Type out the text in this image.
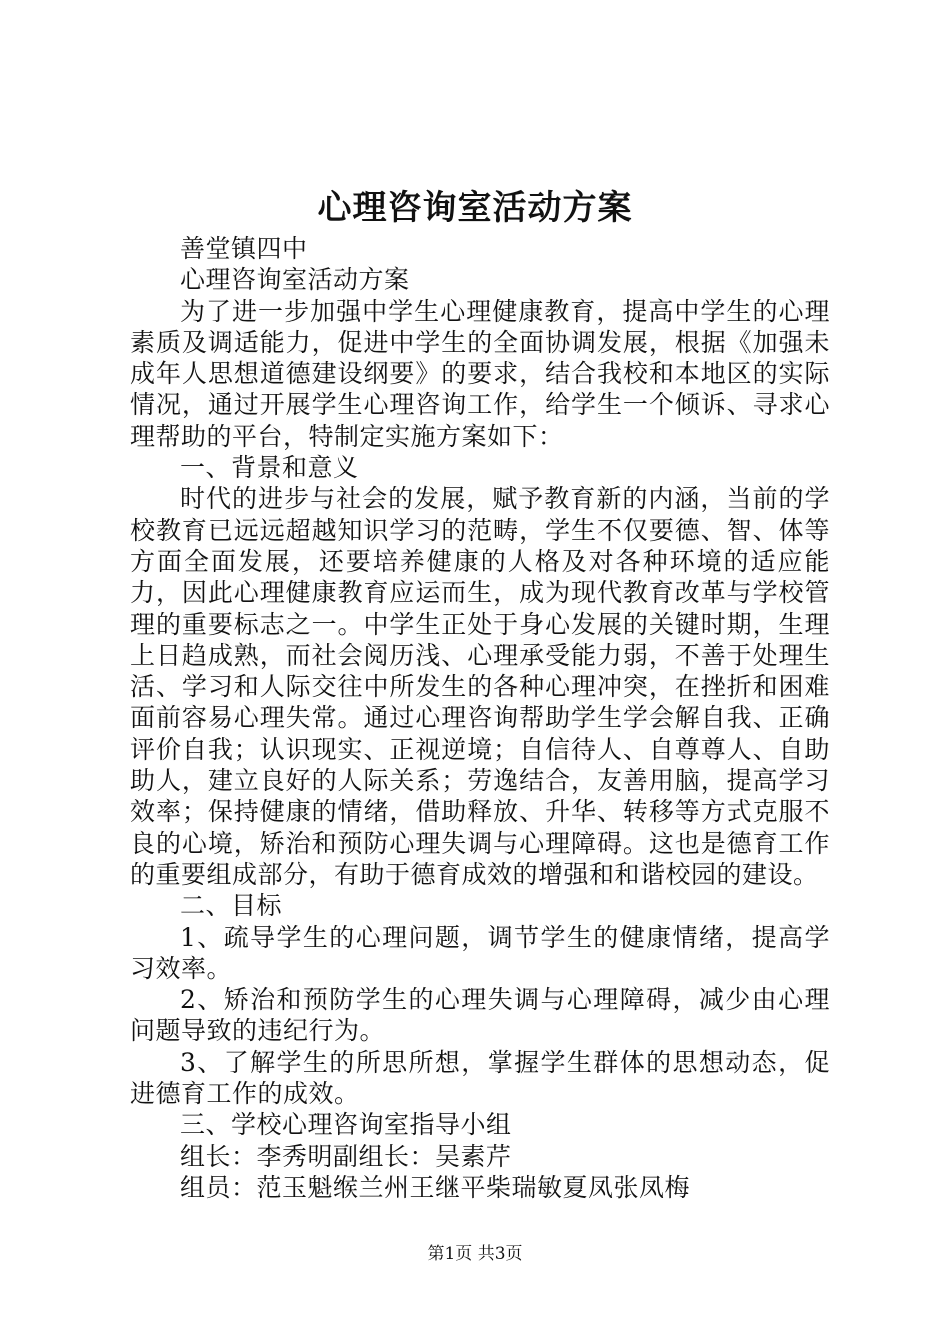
心理咨询室活动方案

善堂镇四中

心理咨询室活动方案

为了进一步加强中学生心理健康教育，提高中学生的心理素质及调适能力，促进中学生的全面协调发展，根据《加强未成年人思想道德建设纲要》的要求，结合我校和本地区的实际情况，通过开展学生心理咨询工作，给学生一个倾诉、寻求心理帮助的平台，特制定实施方案如下：

一、背景和意义

时代的进步与社会的发展，赋予教育新的内涵，当前的学校教育已远远超越知识学习的范畴，学生不仅要德、智、体等方面全面发展，还要培养健康的人格及对各种环境的适应能力，因此心理健康教育应运而生，成为现代教育改革与学校管理的重要标志之一。中学生正处于身心发展的关键时期，生理上日趋成熟，而社会阅历浅、心理承受能力弱，不善于处理生活、学习和人际交往中所发生的各种心理冲突，在挫折和困难面前容易心理失常。通过心理咨询帮助学生学会解自我、正确评价自我；认识现实、正视逆境；自信待人、自尊尊人、自助助人，建立良好的人际关系；劳逸结合，友善用脑，提高学习效率；保持健康的情绪，借助释放、升华、转移等方式克服不良的心境，矫治和预防心理失调与心理障碍。这也是德育工作的重要组成部分，有助于德育成效的增强和和谐校园的建设。

二、目标

1、疏导学生的心理问题，调节学生的健康情绪，提高学习效率。

2、矫治和预防学生的心理失调与心理障碍，减少由心理问题导致的违纪行为。

3、了解学生的所思所想，掌握学生群体的思想动态，促进德育工作的成效。

三、学校心理咨询室指导小组

组长：李秀明副组长：吴素芹

组员：范玉魁缑兰州王继平柴瑞敏夏凤张凤梅

第1页 共3页
